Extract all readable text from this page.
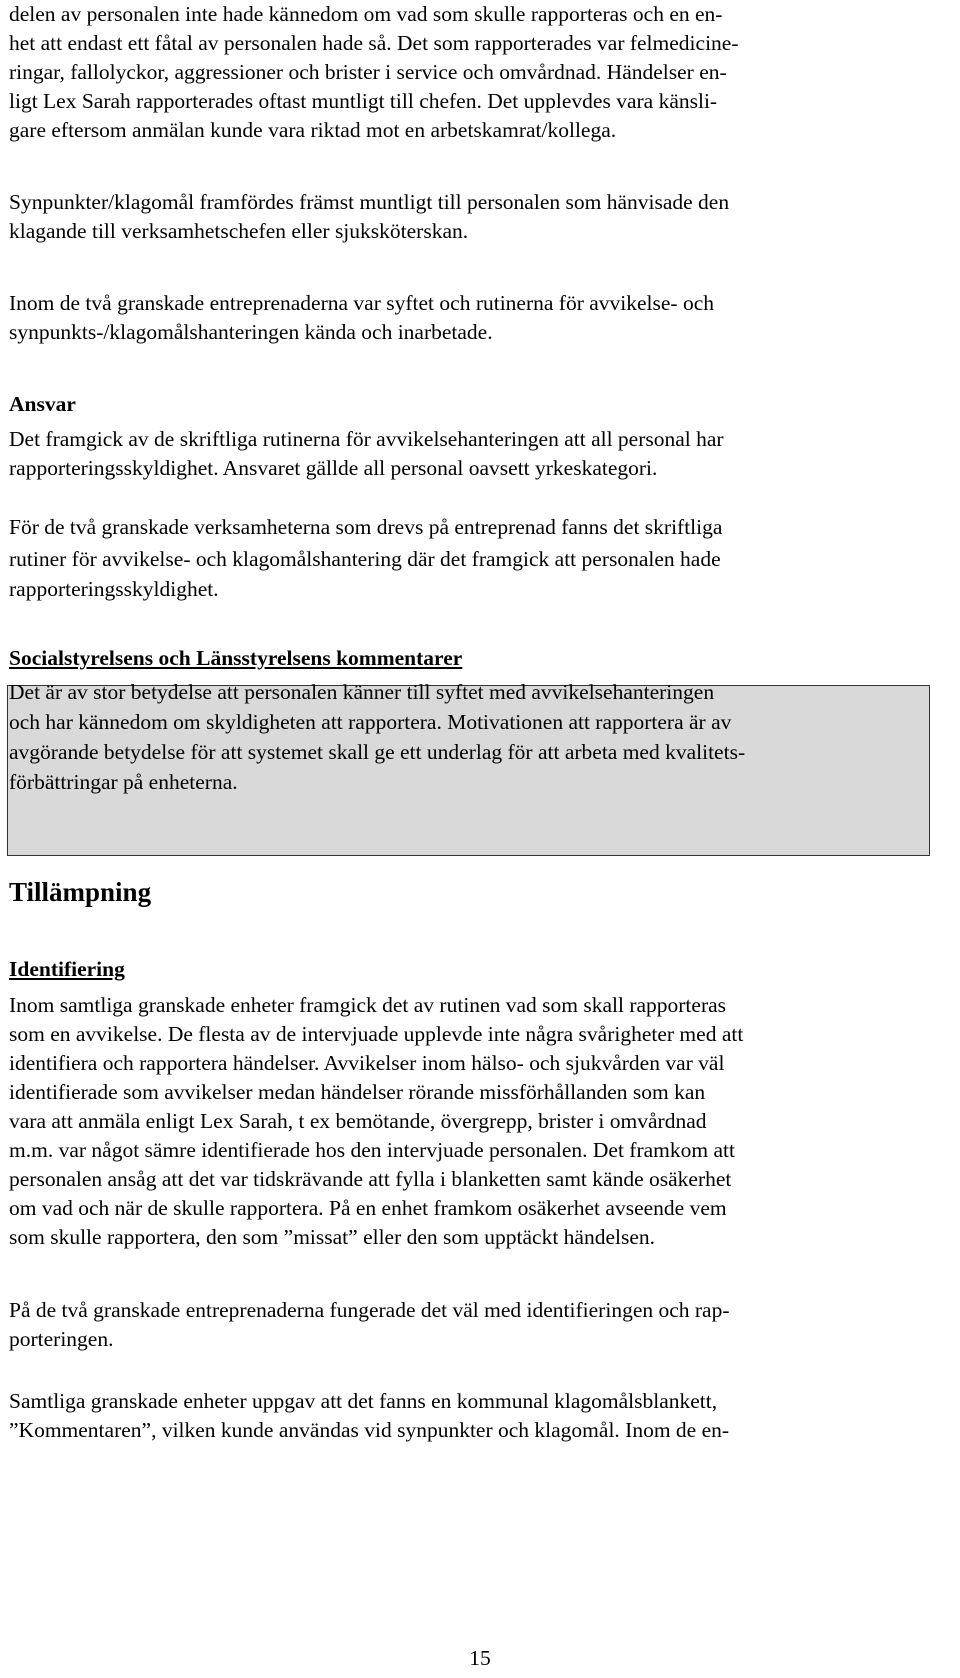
delen av personalen inte hade kännedom om vad som skulle rapporteras och en en-
het att endast ett fåtal av personalen hade så. Det som rapporterades var felmedicine-
ringar, fallolyckor, aggressioner och brister i service och omvårdnad. Händelser en-
ligt Lex Sarah rapporterades oftast muntligt till chefen. Det upplevdes vara känsli-
gare eftersom anmälan kunde vara riktad mot en arbetskamrat/kollega.
Synpunkter/klagomål framfördes främst muntligt till personalen som hänvisade den
klagande till verksamhetschefen eller sjuksköterskan.
Inom de två granskade entreprenaderna var syftet och rutinerna för avvikelse- och
synpunkts-/klagomålshanteringen kända och inarbetade.
Ansvar
Det framgick av de skriftliga rutinerna för avvikelsehanteringen att all personal har
rapporteringsskyldighet. Ansvaret gällde all personal oavsett yrkeskategori.
För de två granskade verksamheterna som drevs på entreprenad fanns det skriftliga
rutiner för avvikelse- och klagomålshantering där det framgick att personalen hade
rapporteringsskyldighet.
Socialstyrelsens och Länsstyrelsens kommentarer
Det är av stor betydelse att personalen känner till syftet med avvikelsehanteringen
och har kännedom om skyldigheten att rapportera. Motivationen att rapportera är av
avgörande betydelse för att systemet skall ge ett underlag för att arbeta med kvalitets-
förbättringar på enheterna.
Tillämpning
Identifiering
Inom samtliga granskade enheter framgick det av rutinen vad som skall rapporteras
som en avvikelse. De flesta av de intervjuade upplevde inte några svårigheter med att
identifiera och rapportera händelser. Avvikelser inom hälso- och sjukvården var väl
identifierade som avvikelser medan händelser rörande missförhållanden som kan
vara att anmäla enligt Lex Sarah, t ex bemötande, övergrepp, brister i omvårdnad
m.m. var något sämre identifierade hos den intervjuade personalen. Det framkom att
personalen ansåg att det var tidskrävande att fylla i blanketten samt kände osäkerhet
om vad och när de skulle rapportera. På en enhet framkom osäkerhet avseende vem
som skulle rapportera, den som ”missat” eller den som upptäckt händelsen.
På de två granskade entreprenaderna fungerade det väl med identifieringen och rap-
porteringen.
Samtliga granskade enheter uppgav att det fanns en kommunal klagomålsblankett,
”Kommentaren”, vilken kunde användas vid synpunkter och klagomål. Inom de en-
15
